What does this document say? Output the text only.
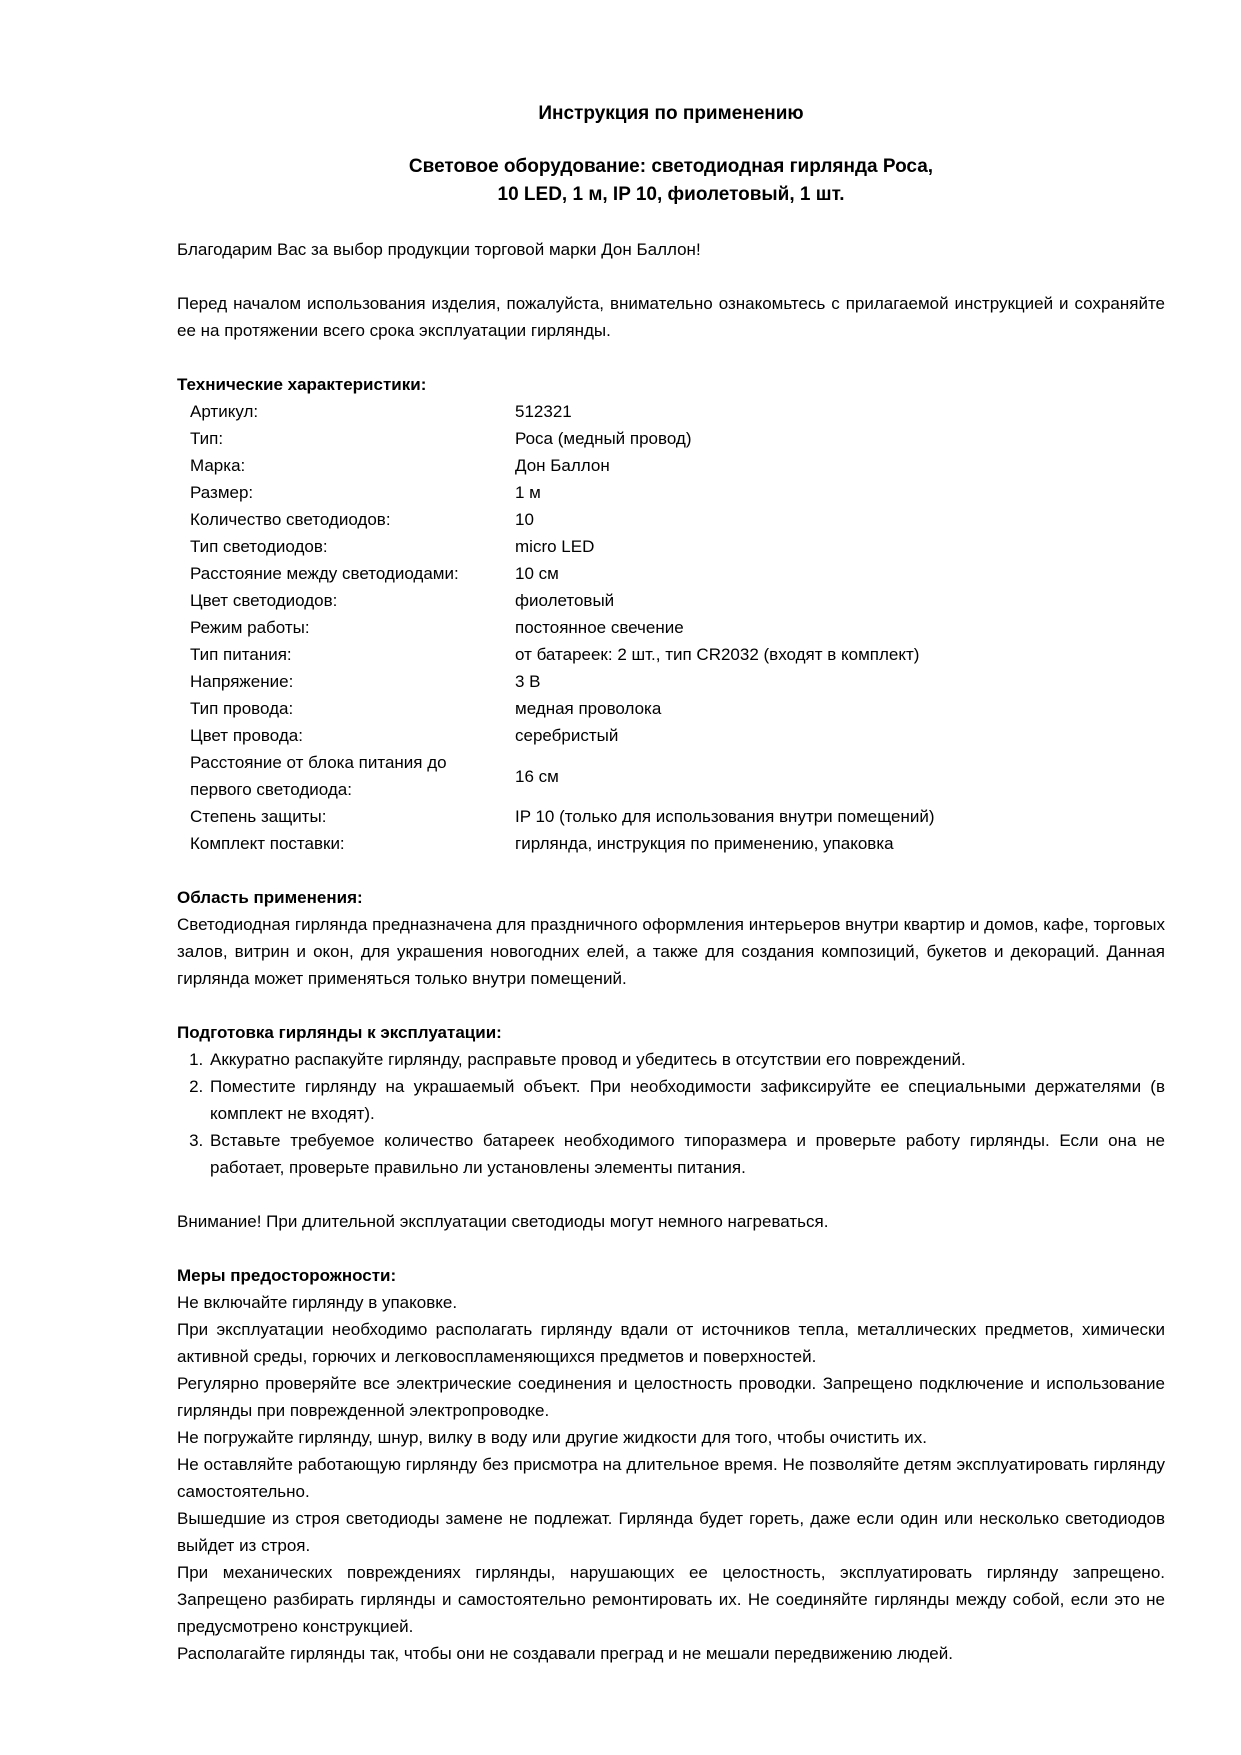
Инструкция по применению
Световое оборудование: светодиодная гирлянда Роса,
10 LED, 1 м, IP 10, фиолетовый, 1 шт.

Благодарим Вас за выбор продукции торговой марки Дон Баллон!

Перед началом использования изделия, пожалуйста, внимательно ознакомьтесь с прилагаемой инструкцией и сохраняйте ее на протяжении всего срока эксплуатации гирлянды.

Технические характеристики:
Артикул:	512321
Тип:	Роса (медный провод)
Марка:	Дон Баллон
Размер:	1 м
Количество светодиодов:	10
Тип светодиодов:	micro LED
Расстояние между светодиодами:	10 см
Цвет светодиодов:	фиолетовый
Режим работы:	постоянное свечение
Тип питания:	от батареек: 2 шт., тип CR2032 (входят в комплект)
Напряжение:	3 В
Тип провода:	медная проволока
Цвет провода:	серебристый
Расстояние от блока питания до первого светодиода:
16 см
Степень защиты:	IP 10 (только для использования внутри помещений)
Комплект поставки:	гирлянда, инструкция по применению, упаковка
Область применения:

Светодиодная гирлянда предназначена для праздничного оформления интерьеров внутри квартир и домов, кафе, торговых залов, витрин и окон, для украшения новогодних елей, а также для создания композиций, букетов и декораций. Данная гирлянда может применяться только внутри помещений.

Подготовка гирлянды к эксплуатации:
1. Аккуратно распакуйте гирлянду, расправьте провод и убедитесь в отсутствии его повреждений.
2. Поместите гирлянду на украшаемый объект. При необходимости зафиксируйте ее специальными держателями (в комплект не входят).
3. Вставьте требуемое количество батареек необходимого типоразмера и проверьте работу гирлянды. Если она не работает, проверьте правильно ли установлены элементы питания.

Внимание! При длительной эксплуатации светодиоды могут немного нагреваться.

Меры предосторожности:

Не включайте гирлянду в упаковке.

При эксплуатации необходимо располагать гирлянду вдали от источников тепла, металлических предметов, химически активной среды, горючих и легковоспламеняющихся предметов и поверхностей.

Регулярно проверяйте все электрические соединения и целостность проводки. Запрещено подключение и использование гирлянды при поврежденной электропроводке.

Не погружайте гирлянду, шнур, вилку в воду или другие жидкости для того, чтобы очистить их.

Не оставляйте работающую гирлянду без присмотра на длительное время. Не позволяйте детям эксплуатировать гирлянду самостоятельно.

Вышедшие из строя светодиоды замене не подлежат. Гирлянда будет гореть, даже если один или несколько светодиодов выйдет из строя.

При механических повреждениях гирлянды, нарушающих ее целостность, эксплуатировать гирлянду запрещено. Запрещено разбирать гирлянды и самостоятельно ремонтировать их. Не соединяйте гирлянды между собой, если это не предусмотрено конструкцией.

Располагайте гирлянды так, чтобы они не создавали преград и не мешали передвижению людей.
